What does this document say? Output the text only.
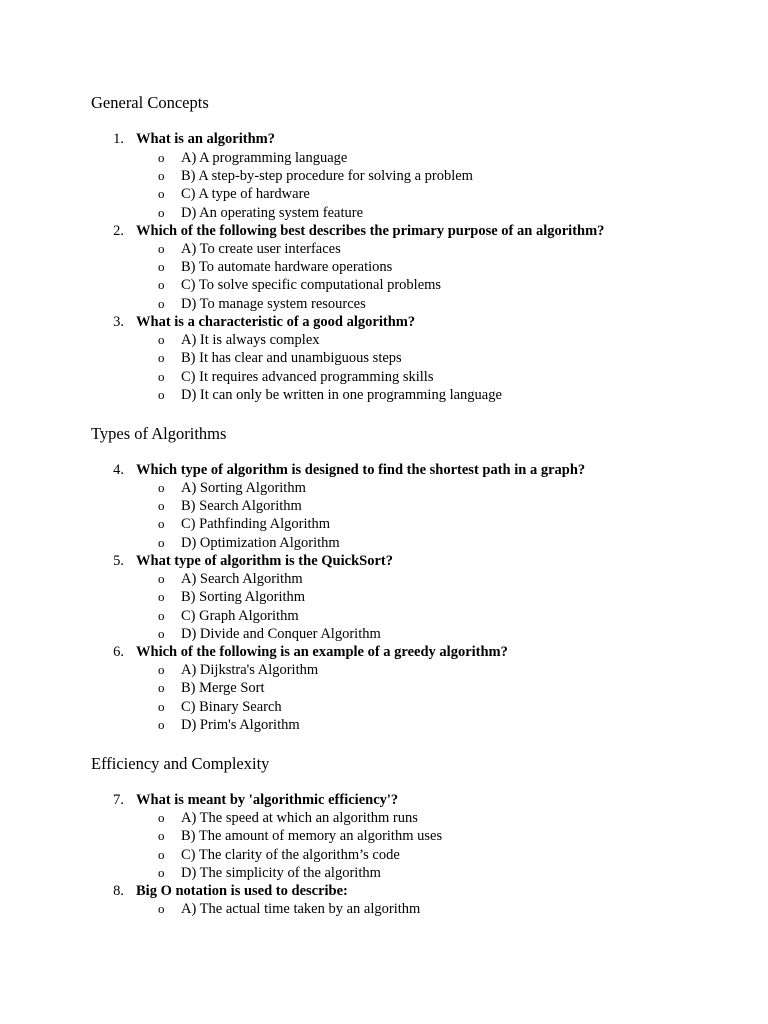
General Concepts
1. What is an algorithm?
o A) A programming language
o B) A step-by-step procedure for solving a problem
o C) A type of hardware
o D) An operating system feature
2. Which of the following best describes the primary purpose of an algorithm?
o A) To create user interfaces
o B) To automate hardware operations
o C) To solve specific computational problems
o D) To manage system resources
3. What is a characteristic of a good algorithm?
o A) It is always complex
o B) It has clear and unambiguous steps
o C) It requires advanced programming skills
o D) It can only be written in one programming language
Types of Algorithms
4. Which type of algorithm is designed to find the shortest path in a graph?
o A) Sorting Algorithm
o B) Search Algorithm
o C) Pathfinding Algorithm
o D) Optimization Algorithm
5. What type of algorithm is the QuickSort?
o A) Search Algorithm
o B) Sorting Algorithm
o C) Graph Algorithm
o D) Divide and Conquer Algorithm
6. Which of the following is an example of a greedy algorithm?
o A) Dijkstra's Algorithm
o B) Merge Sort
o C) Binary Search
o D) Prim's Algorithm
Efficiency and Complexity
7. What is meant by 'algorithmic efficiency'?
o A) The speed at which an algorithm runs
o B) The amount of memory an algorithm uses
o C) The clarity of the algorithm’s code
o D) The simplicity of the algorithm
8. Big O notation is used to describe:
o A) The actual time taken by an algorithm
